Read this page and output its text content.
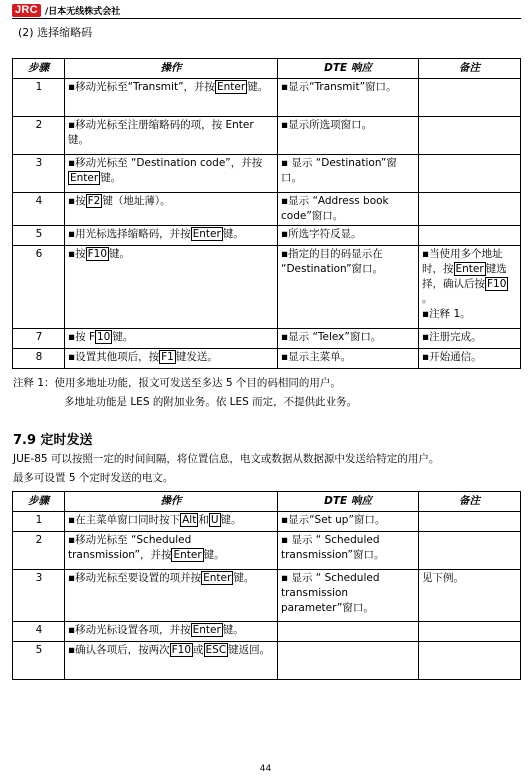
JRC /日本无线株式会社
(2) 选择缩略码
步骤	操作	DTE 响应	备注
1	▪移动光标至“Transmit”，并按 Enter 键。	▪显示“Transmit”窗口。	
2	▪移动光标至注册缩略码的项，按 Enter 键。	▪显示所选项窗口。	
3	▪移动光标至 “Destination code”，并按Enter 键。	▪ 显示 “Destination”窗口。	
4	▪按 F2 键（地址薄）。	▪显示 “Address book code”窗口。	
5	▪用光标选择缩略码，并按 Enter 键。	▪所选字符反显。	
6	▪按 F10 键。	▪指定的目的码显示在 “Destination”窗口。	▪当使用多个地址时，按 Enter 键选择，确认后按 F10。
▪注释 1。
7	▪按 F 10 键。	▪显示 “Telex”窗口。	▪注册完成。
8	▪设置其他项后，按 F1 键发送。	▪显示主菜单。	▪开始通信。
注释 1：使用多地址功能，报文可发送至多达 5 个目的码相同的用户。
多地址功能是 LES 的附加业务。依 LES 而定，不提供此业务。
7.9 定时发送
JUE-85 可以按照一定的时间间隔，将位置信息，电文或数据从数据源中发送给特定的用户。
最多可设置 5 个定时发送的电文。
步骤	操作	DTE 响应	备注
1	▪在主菜单窗口同时按下 Alt 和 U 键。	▪显示“Set up”窗口。	
2	▪移动光标至 “Scheduled transmission”，并按 Enter 键。	▪ 显示 “ Scheduled transmission”窗口。	
3	▪移动光标至要设置的项并按 Enter 键。	▪ 显示 “ Scheduled transmission parameter”窗口。	见下例。
4	▪移动光标设置各项，并按 Enter 键。		
5	▪确认各项后，按两次 F10 或 ESC 键返回。		
44
